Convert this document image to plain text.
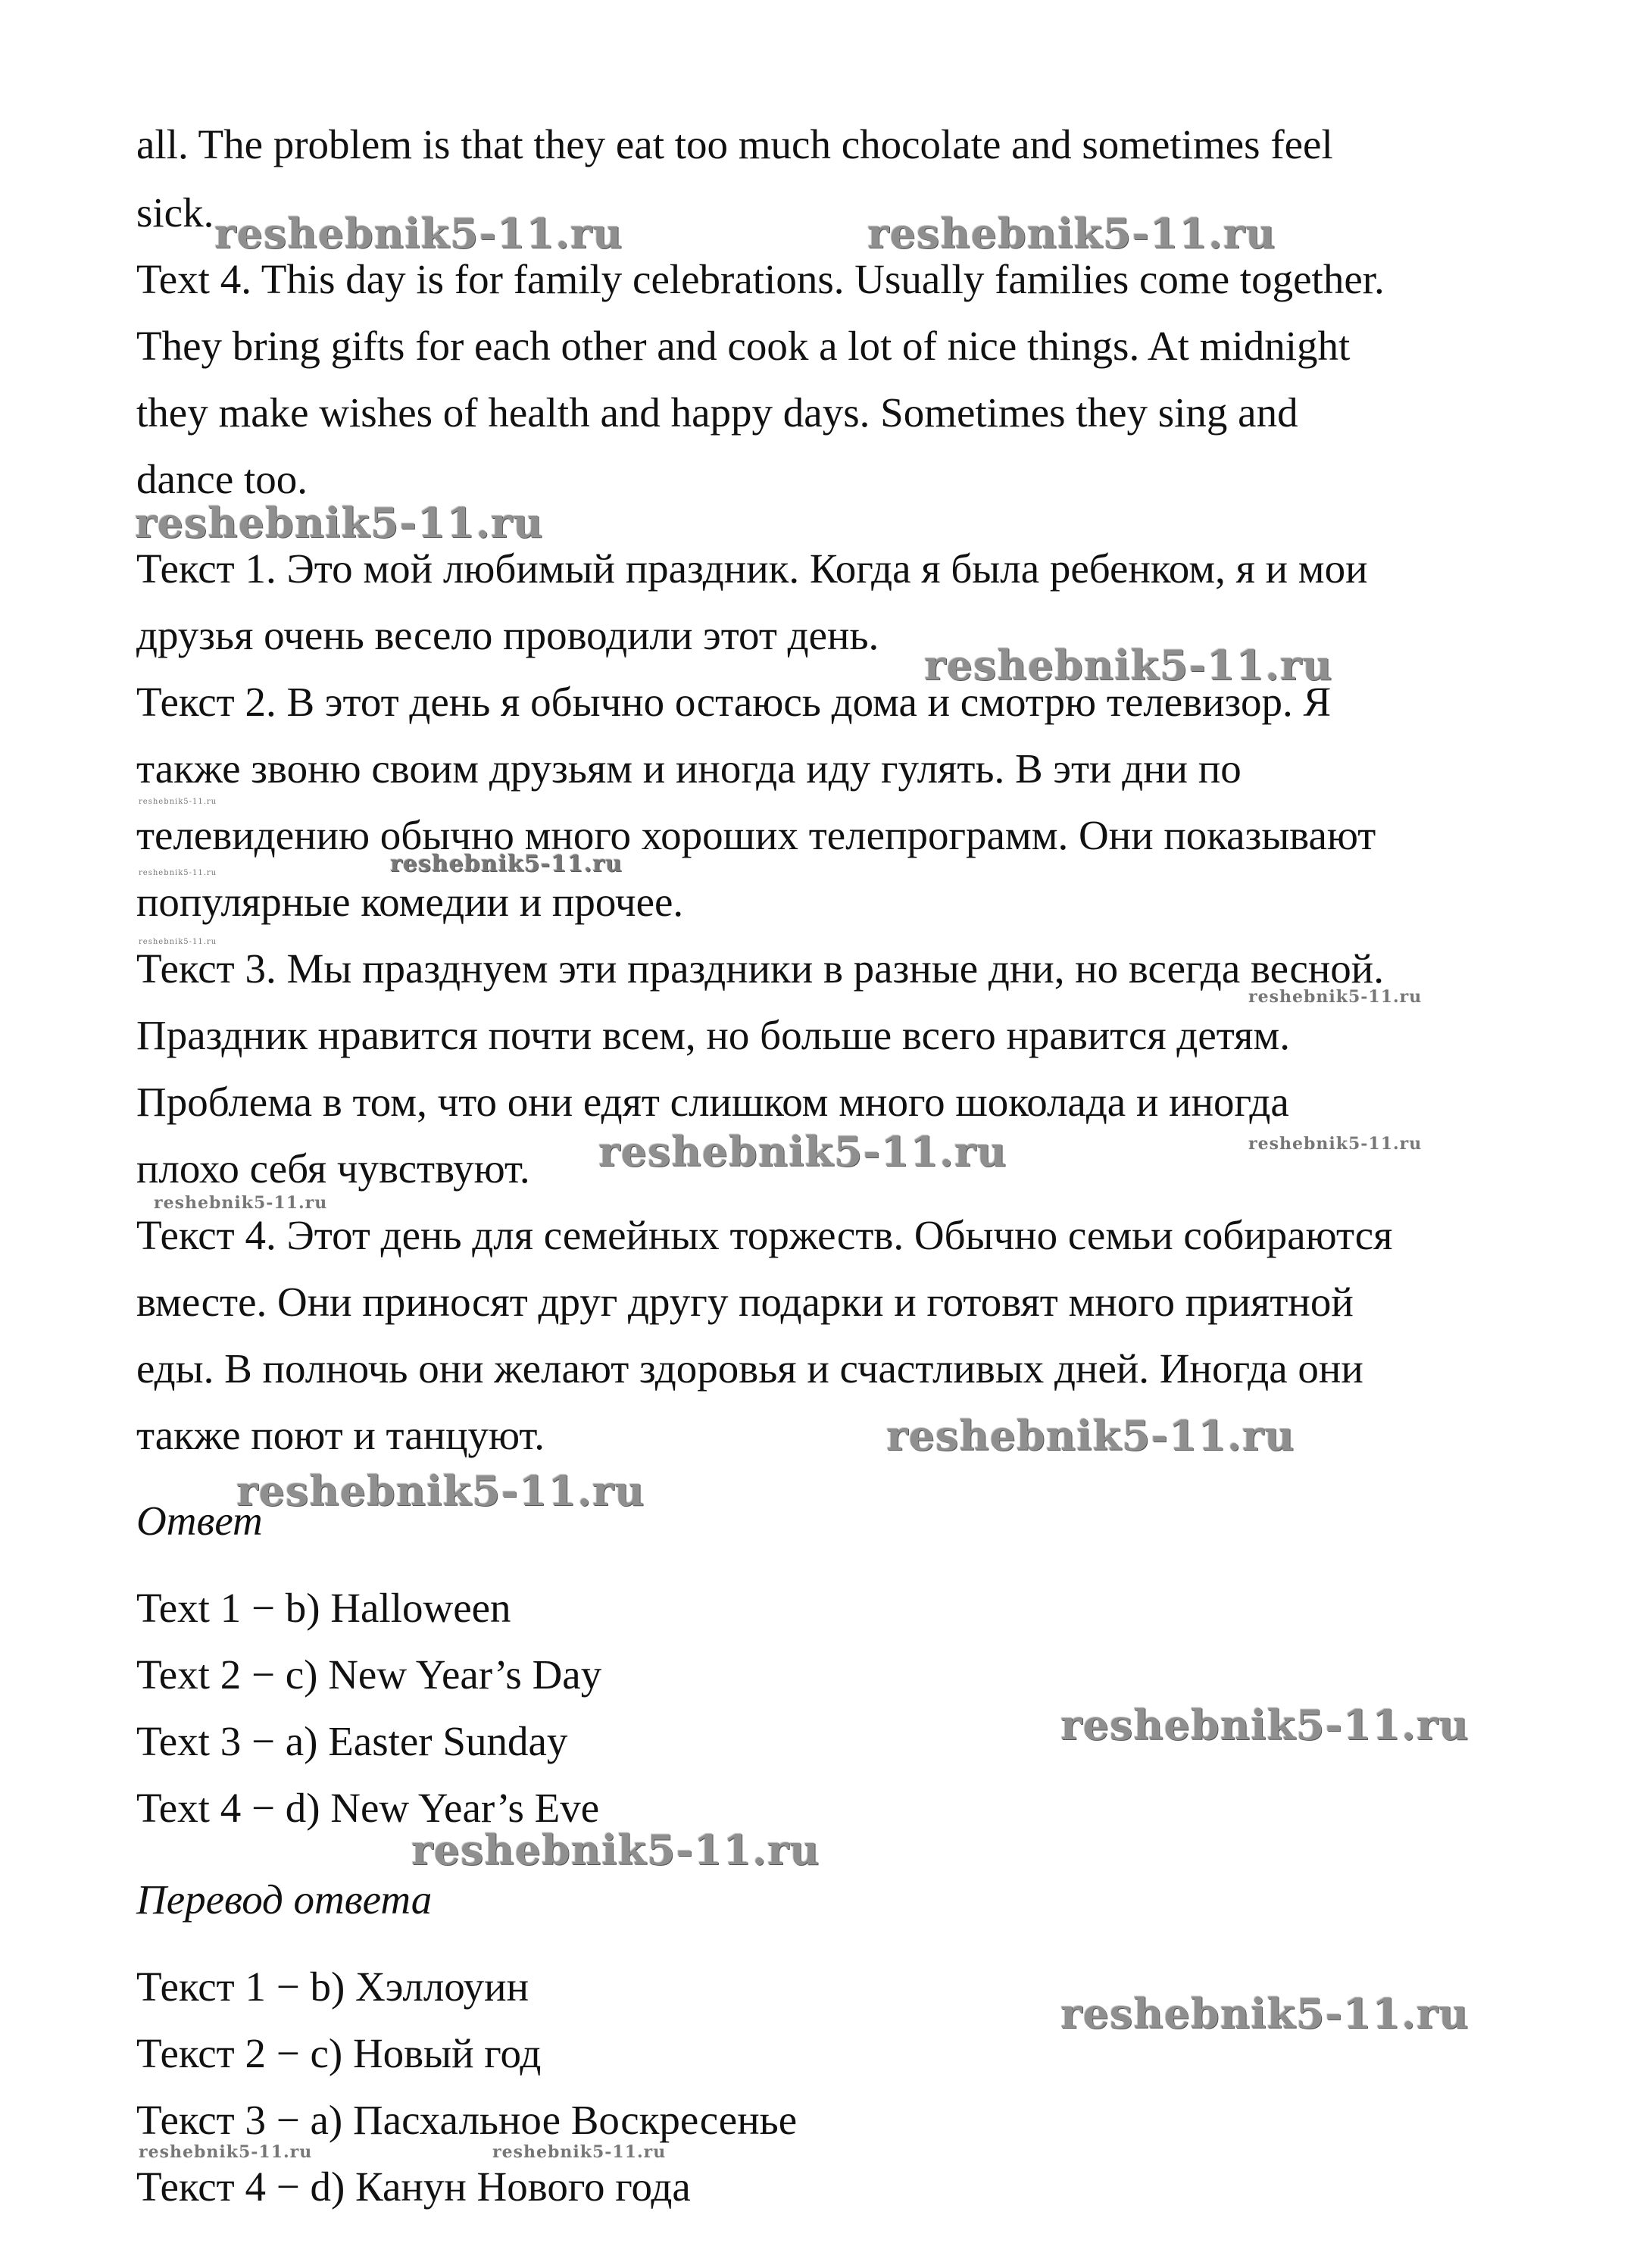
all. The problem is that they eat too much chocolate and sometimes feel
sick.
Text 4. This day is for family celebrations. Usually families come together.
They bring gifts for each other and cook a lot of nice things. At midnight
they make wishes of health and happy days. Sometimes they sing and
dance too.
Текст 1. Это мой любимый праздник. Когда я была ребенком, я и мои
друзья очень весело проводили этот день.
Текст 2. В этот день я обычно остаюсь дома и смотрю телевизор. Я
также звоню своим друзьям и иногда иду гулять. В эти дни по
телевидению обычно много хороших телепрограмм. Они показывают
популярные комедии и прочее.
Текст 3. Мы празднуем эти праздники в разные дни, но всегда весной.
Праздник нравится почти всем, но больше всего нравится детям.
Проблема в том, что они едят слишком много шоколада и иногда
плохо себя чувствуют.
Текст 4. Этот день для семейных торжеств. Обычно семьи собираются
вместе. Они приносят друг другу подарки и готовят много приятной
еды. В полночь они желают здоровья и счастливых дней. Иногда они
также поют и танцуют.
Ответ
Text 1 − b) Halloween
Text 2 − c) New Year’s Day
Text 3 − a) Easter Sunday
Text 4 − d) New Year’s Eve
Перевод ответа
Текст 1 − b) Хэллоуин
Текст 2 − c) Новый год
Текст 3 − a) Пасхальное Воскресенье
Текст 4 − d) Канун Нового года
reshebnik5-11.ru	reshebnik5-11.ru
reshebnik5-11.ru
reshebnik5-11.ru
reshebnik5-11.ru
reshebnik5-11.ru
reshebnik5-11.ru
reshebnik5-11.ru
reshebnik5-11.ru
reshebnik5-11.ru	reshebnik5-11.ru
reshebnik5-11.ru
reshebnik5-11.ru
reshebnik5-11.ru
reshebnik5-11.ru
reshebnik5-11.ru
reshebnik5-11.ru
reshebnik5-11.ru	reshebnik5-11.ru
